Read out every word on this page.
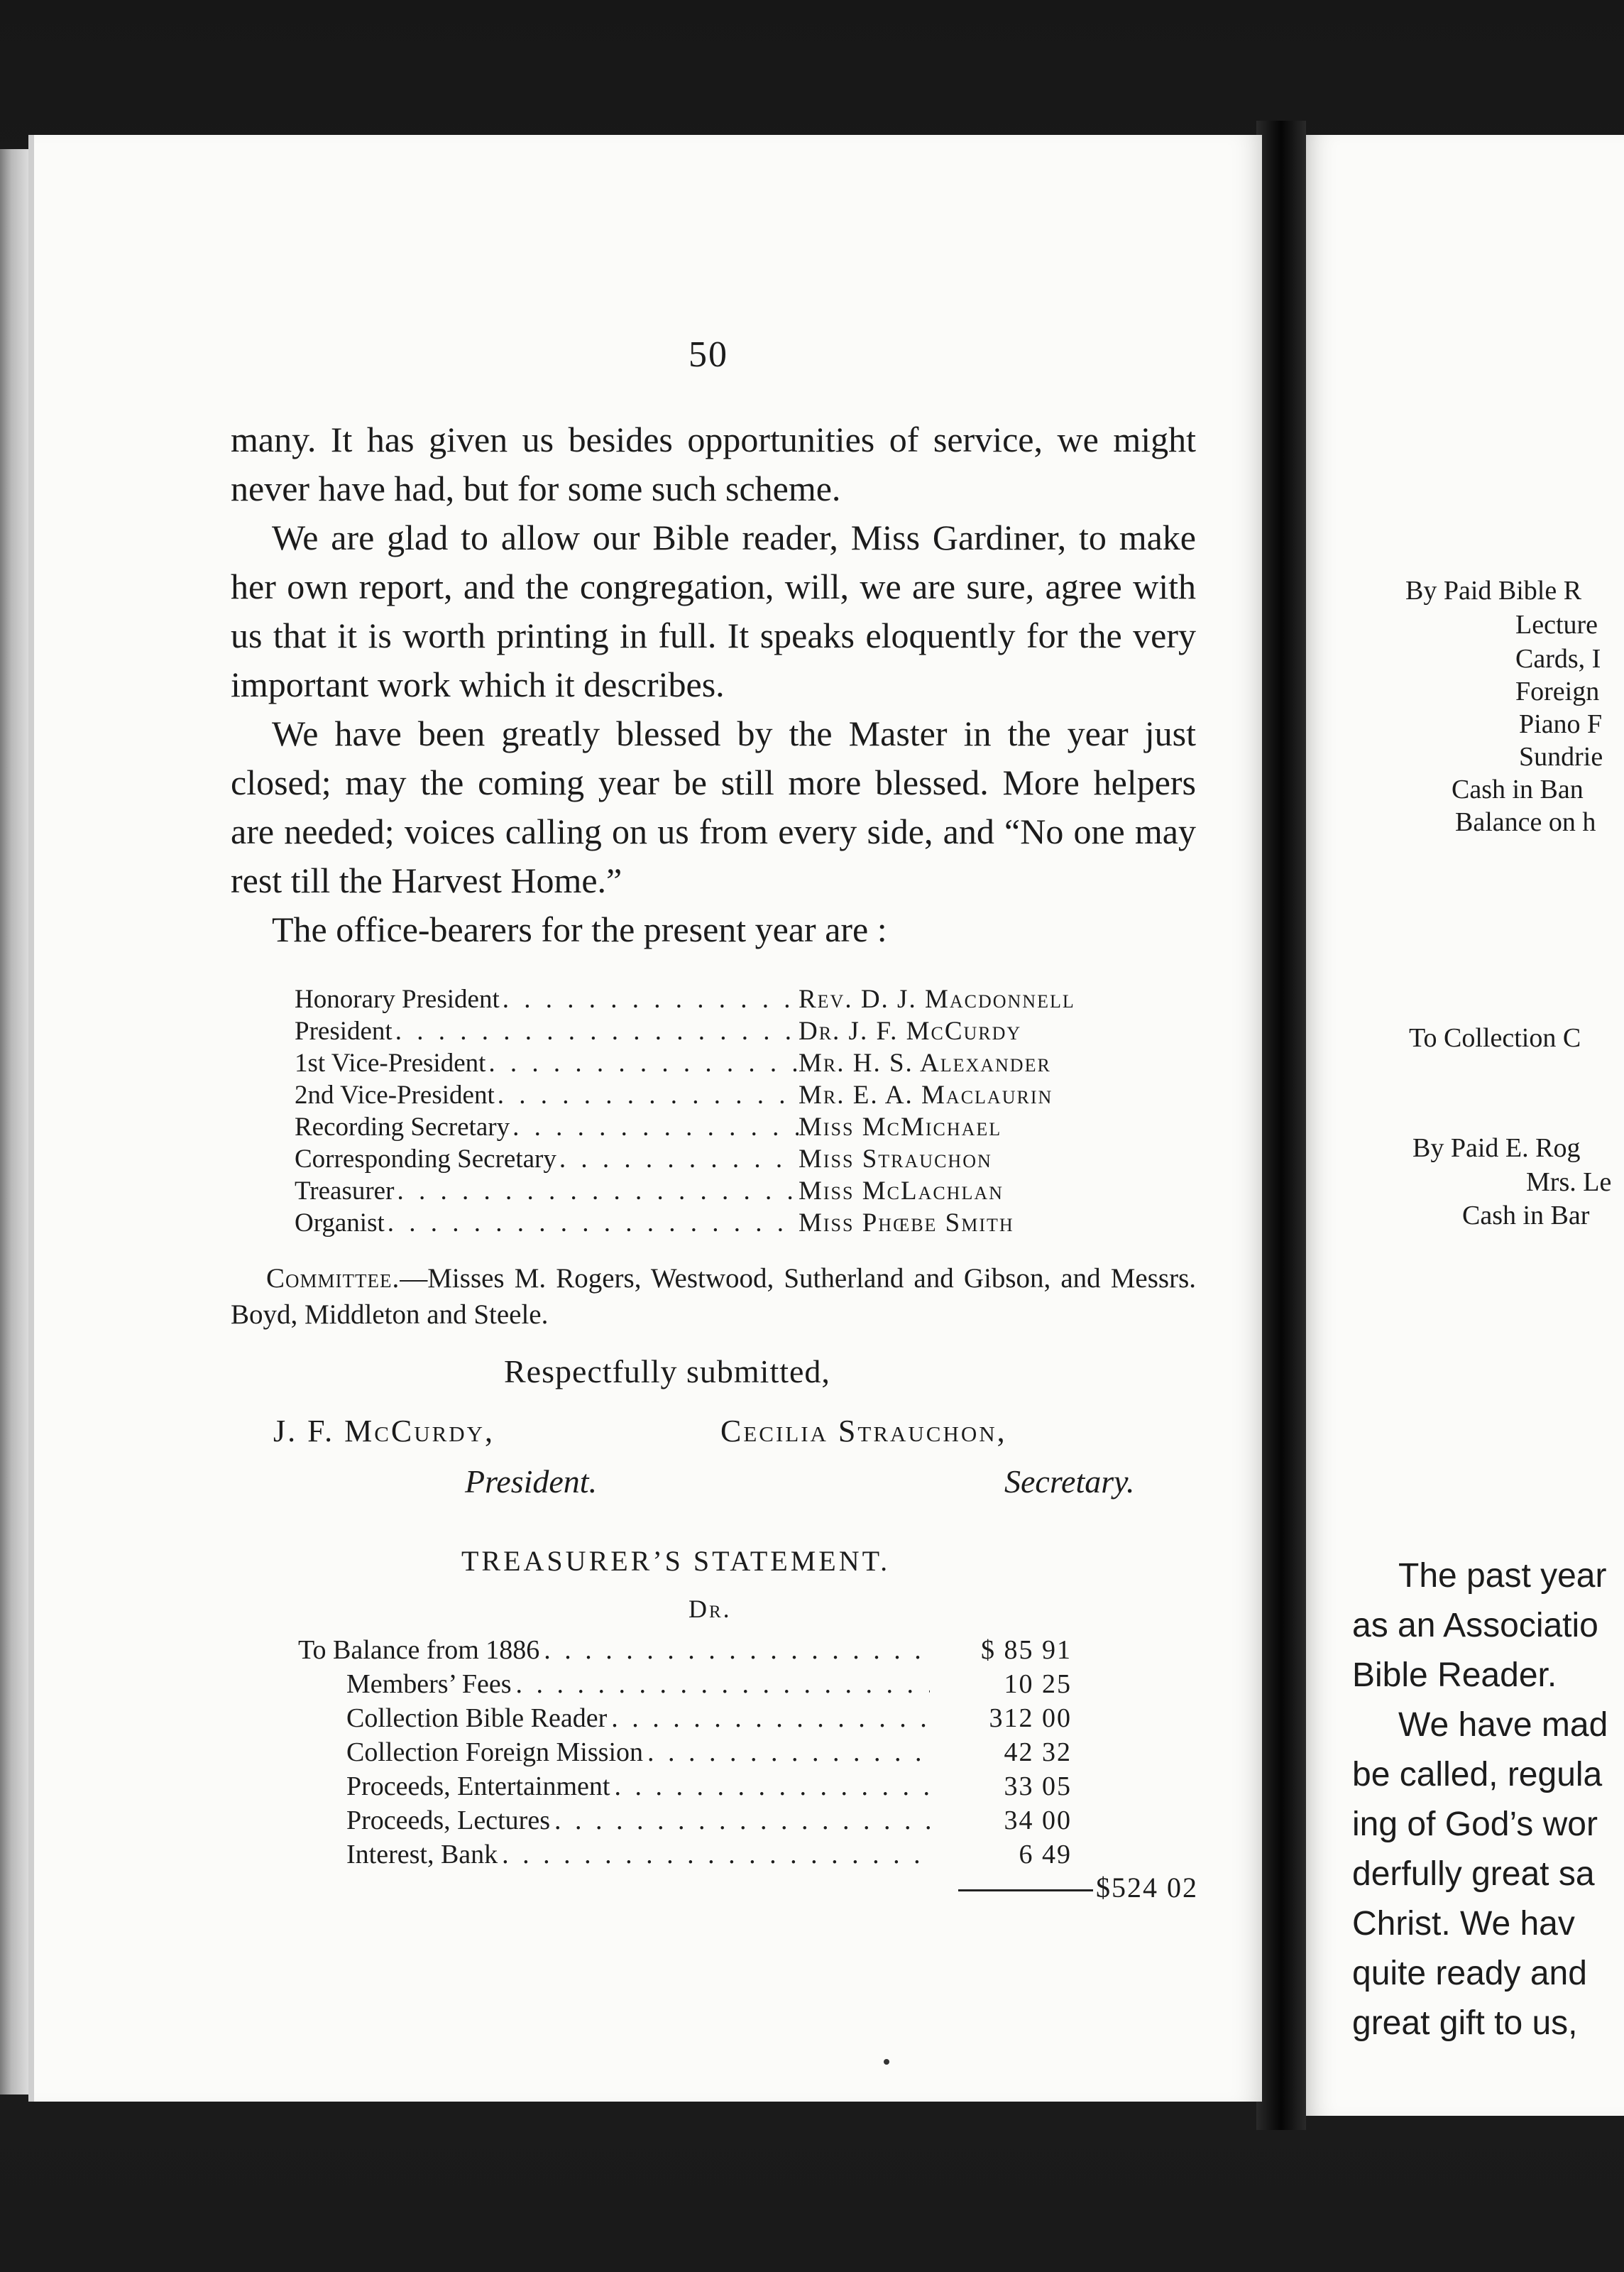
50

many. It has given us besides opportunities of service, we might never have had, but for some such scheme.

We are glad to allow our Bible reader, Miss Gardiner, to make her own report, and the congregation, will, we are sure, agree with us that it is worth printing in full. It speaks eloquently for the very important work which it describes.

We have been greatly blessed by the Master in the year just closed; may the coming year be still more blessed. More helpers are needed; voices calling on us from every side, and “No one may rest till the Harvest Home.”

The office-bearers for the present year are :

Honorary President . . .	Rev. D. J. Macdonnell
President . . .	Dr. J. F. McCurdy
1st Vice-President . . .	Mr. H. S. Alexander
2nd Vice-President . . .	Mr. E. A. Maclaurin
Recording Secretary . . .	Miss McMichael
Corresponding Secretary . . .	Miss Strauchon
Treasurer . . .	Miss McLachlan
Organist . . .	Miss Phœbe Smith
Committee.—Misses M. Rogers, Westwood, Sutherland and Gibson, and Messrs. Boyd, Middleton and Steele.
Respectfully submitted,
J. F. McCurdy,
President.
Cecilia Strauchon,
Secretary.
TREASURER’S STATEMENT.
Dr.
To Balance from 1886 . . .	$ 85 91
Members’ Fees . . .	10 25
Collection Bible Reader . . .	312 00
Collection Foreign Mission . . .	42 32
Proceeds, Entertainment . . .	33 05
Proceeds, Lectures . . .	34 00
Interest, Bank . . .	6 49
$524 02
By Paid Bible R
Lecture
Cards, I
Foreign
Piano F
Sundrie
Cash in Ban
Balance on h
To Collection C
By Paid E. Rog
Mrs. Le
Cash in Bar
The past year
as an Associatio
Bible Reader.
We have mad
be called, regula
ing of God’s wor
derfully great sa
Christ. We hav
quite ready and
great gift to us,
